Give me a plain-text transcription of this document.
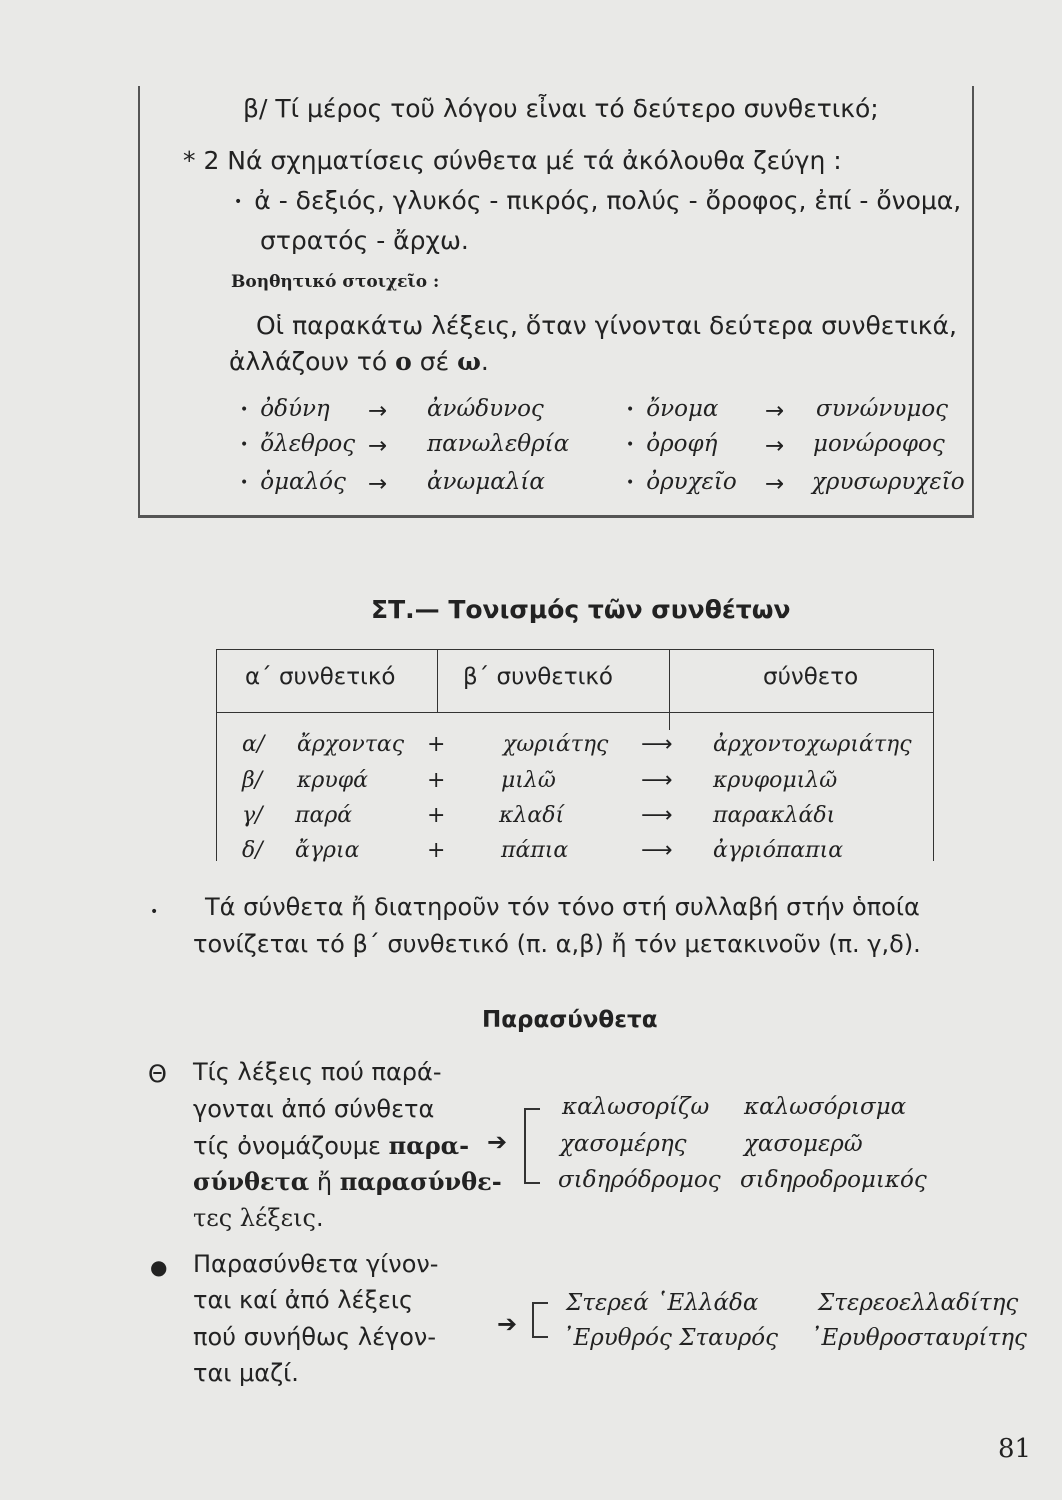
β/ Τί μέρος τοῦ λόγου εἶναι τό δεύτερο συνθετικό;
* 2 Νά σχηματίσεις σύνθετα μέ τά ἀκόλουθα ζεύγη :
• ἀ - δεξιός, γλυκός - πικρός, πολύς - ὄροφος, ἐπί - ὄνομα,
στρατός - ἄρχω.
Βοηθητικό στοιχεῖο :
Οἱ παρακάτω λέξεις, ὅταν γίνονται δεύτερα συνθετικά,
ἀλλάζουν τό ο σέ ω.
• ὀδύνη → ἀνώδυνος
• ὄλεθρος → πανωλεθρία
• ὁμαλός → ἀνωμαλία
• ὄνομα → συνώνυμος
• ὀροφή → μονώροφος
• ὀρυχεῖο → χρυσωρυχεῖο
ΣΤ.— Τονισμός τῶν συνθέτων
α΄ συνθετικό	β΄ συνθετικό	σύνθετο
α/ ἄρχοντας +	χωριάτης ⟶ ἀρχοντοχωριάτης
β/ κρυφά	+	μιλῶ	⟶ κρυφομιλῶ
γ/ παρά	+ κλαδί	⟶ παρακλάδι
δ/ ἄγρια	+	πάπια	⟶ ἀγριόπαπια
• Τά σύνθετα ἤ διατηροῦν τόν τόνο στή συλλαβή στήν ὁποία
τονίζεται τό β΄ συνθετικό (π. α,β) ἤ τόν μετακινοῦν (π. γ,δ).
Παρασύνθετα
Θ Τίς λέξεις πού παρά-
γονται ἀπό σύνθετα
τίς ὀνομάζουμε παρα-
σύνθετα ἤ παρασύνθε-
τες λέξεις.
➔
καλωσορίζω καλωσόρισμα
χασομέρης	χασομερῶ
σιδηρόδρομος σιδηροδρομικός
● Παρασύνθετα γίνον-
ται καί ἀπό λέξεις
πού συνήθως λέγον-
ται μαζί.
➔
Στερεά ῾Ελλάδα	Στερεοελλαδίτης
᾿Ερυθρός Σταυρός ᾿Ερυθροσταυρίτης
81
